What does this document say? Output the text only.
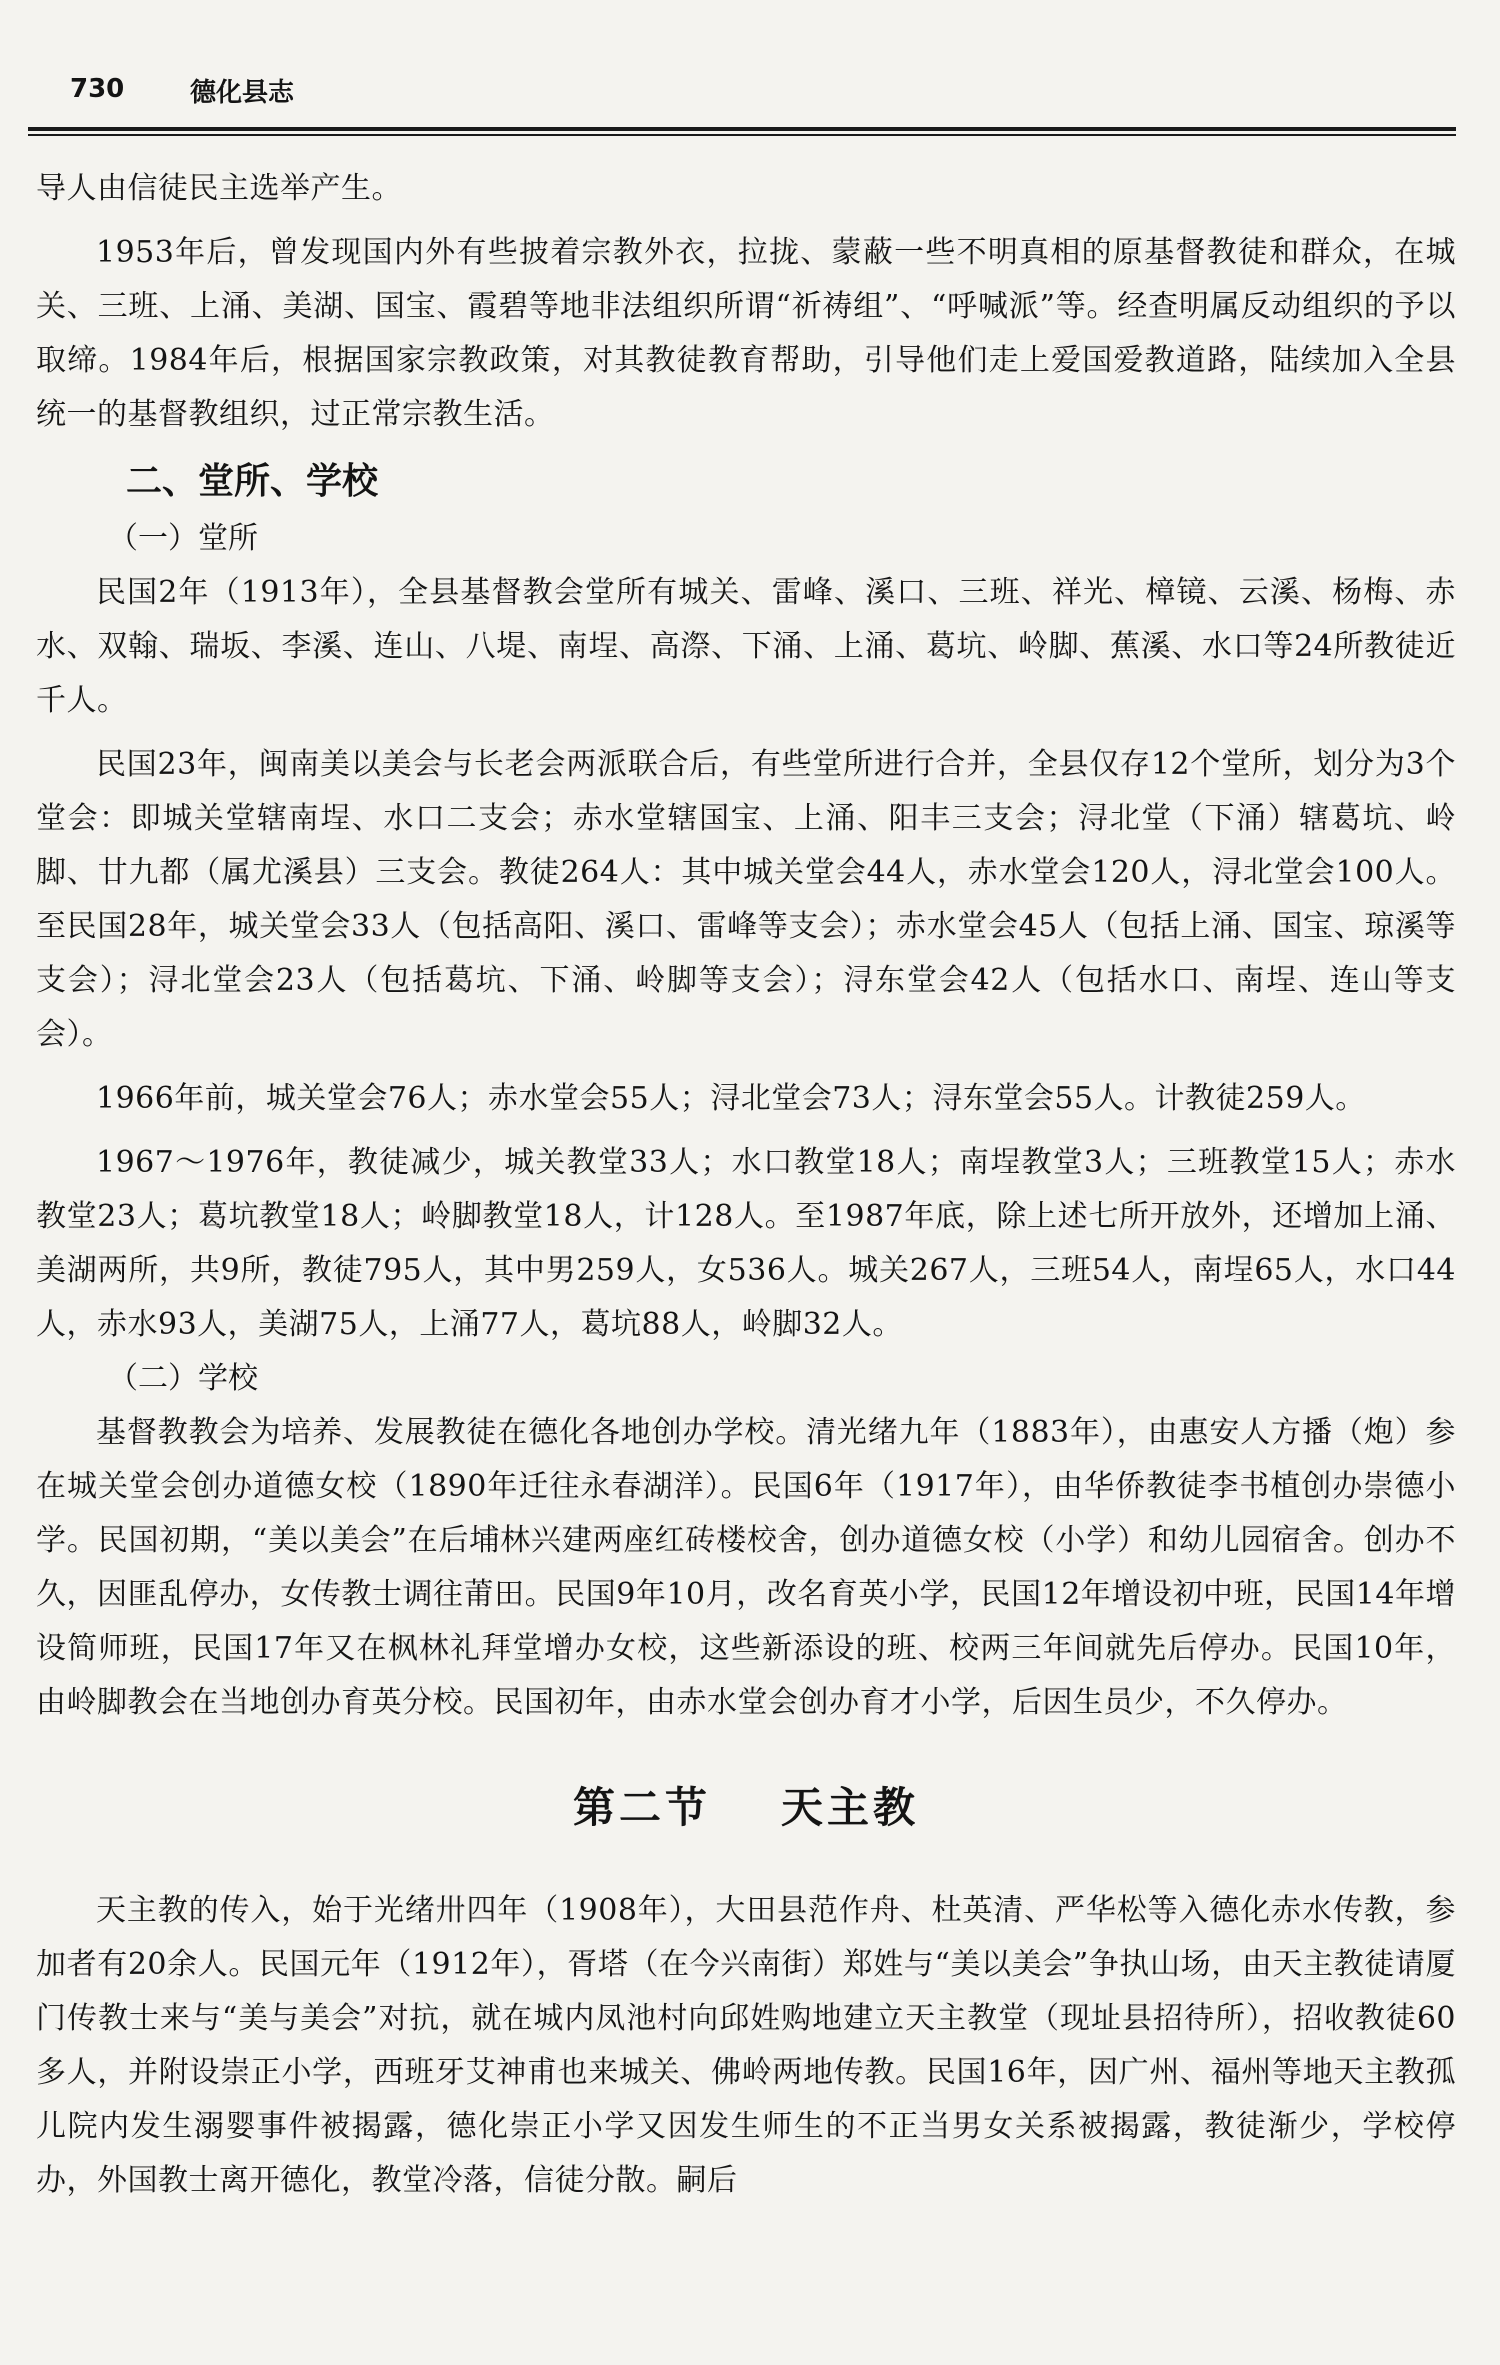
730	德化县志

导人由信徒民主选举产生。

1953年后，曾发现国内外有些披着宗教外衣，拉拢、蒙蔽一些不明真相的原基督教徒和群众，在城关、三班、上涌、美湖、国宝、霞碧等地非法组织所谓“祈祷组”、“呼喊派”等。经查明属反动组织的予以取缔。1984年后，根据国家宗教政策，对其教徒教育帮助，引导他们走上爱国爱教道路，陆续加入全县统一的基督教组织，过正常宗教生活。

二、堂所、学校
（一）堂所

民国2年（1913年），全县基督教会堂所有城关、雷峰、溪口、三班、祥光、樟镜、云溪、杨梅、赤水、双翰、瑞坂、李溪、连山、八堤、南埕、高漈、下涌、上涌、葛坑、岭脚、蕉溪、水口等24所教徒近千人。

民国23年，闽南美以美会与长老会两派联合后，有些堂所进行合并，全县仅存12个堂所，划分为3个堂会：即城关堂辖南埕、水口二支会；赤水堂辖国宝、上涌、阳丰三支会；浔北堂（下涌）辖葛坑、岭脚、廿九都（属尤溪县）三支会。教徒264人：其中城关堂会44人，赤水堂会120人，浔北堂会100人。至民国28年，城关堂会33人（包括高阳、溪口、雷峰等支会）；赤水堂会45人（包括上涌、国宝、琼溪等支会）；浔北堂会23人（包括葛坑、下涌、岭脚等支会）；浔东堂会42人（包括水口、南埕、连山等支会）。

1966年前，城关堂会76人；赤水堂会55人；浔北堂会73人；浔东堂会55人。计教徒259人。

1967～1976年，教徒减少，城关教堂33人；水口教堂18人；南埕教堂3人；三班教堂15人；赤水教堂23人；葛坑教堂18人；岭脚教堂18人，计128人。至1987年底，除上述七所开放外，还增加上涌、美湖两所，共9所，教徒795人，其中男259人，女536人。城关267人，三班54人，南埕65人，水口44人，赤水93人，美湖75人，上涌77人，葛坑88人，岭脚32人。

（二）学校

基督教教会为培养、发展教徒在德化各地创办学校。清光绪九年（1883年），由惠安人方播（炮）参在城关堂会创办道德女校（1890年迁往永春湖洋）。民国6年（1917年），由华侨教徒李书植创办崇德小学。民国初期，“美以美会”在后埔林兴建两座红砖楼校舍，创办道德女校（小学）和幼儿园宿舍。创办不久，因匪乱停办，女传教士调往莆田。民国9年10月，改名育英小学，民国12年增设初中班，民国14年增设简师班，民国17年又在枫林礼拜堂增办女校，这些新添设的班、校两三年间就先后停办。民国10年，由岭脚教会在当地创办育英分校。民国初年，由赤水堂会创办育才小学，后因生员少，不久停办。

第二节 天主教

天主教的传入，始于光绪卅四年（1908年），大田县范作舟、杜英清、严华松等入德化赤水传教，参加者有20余人。民国元年（1912年），胥塔（在今兴南街）郑姓与“美以美会”争执山场，由天主教徒请厦门传教士来与“美与美会”对抗，就在城内凤池村向邱姓购地建立天主教堂（现址县招待所），招收教徒60多人，并附设崇正小学，西班牙艾神甫也来城关、佛岭两地传教。民国16年，因广州、福州等地天主教孤儿院内发生溺婴事件被揭露，德化崇正小学又因发生师生的不正当男女关系被揭露，教徒渐少，学校停办，外国教士离开德化，教堂冷落，信徒分散。嗣后
